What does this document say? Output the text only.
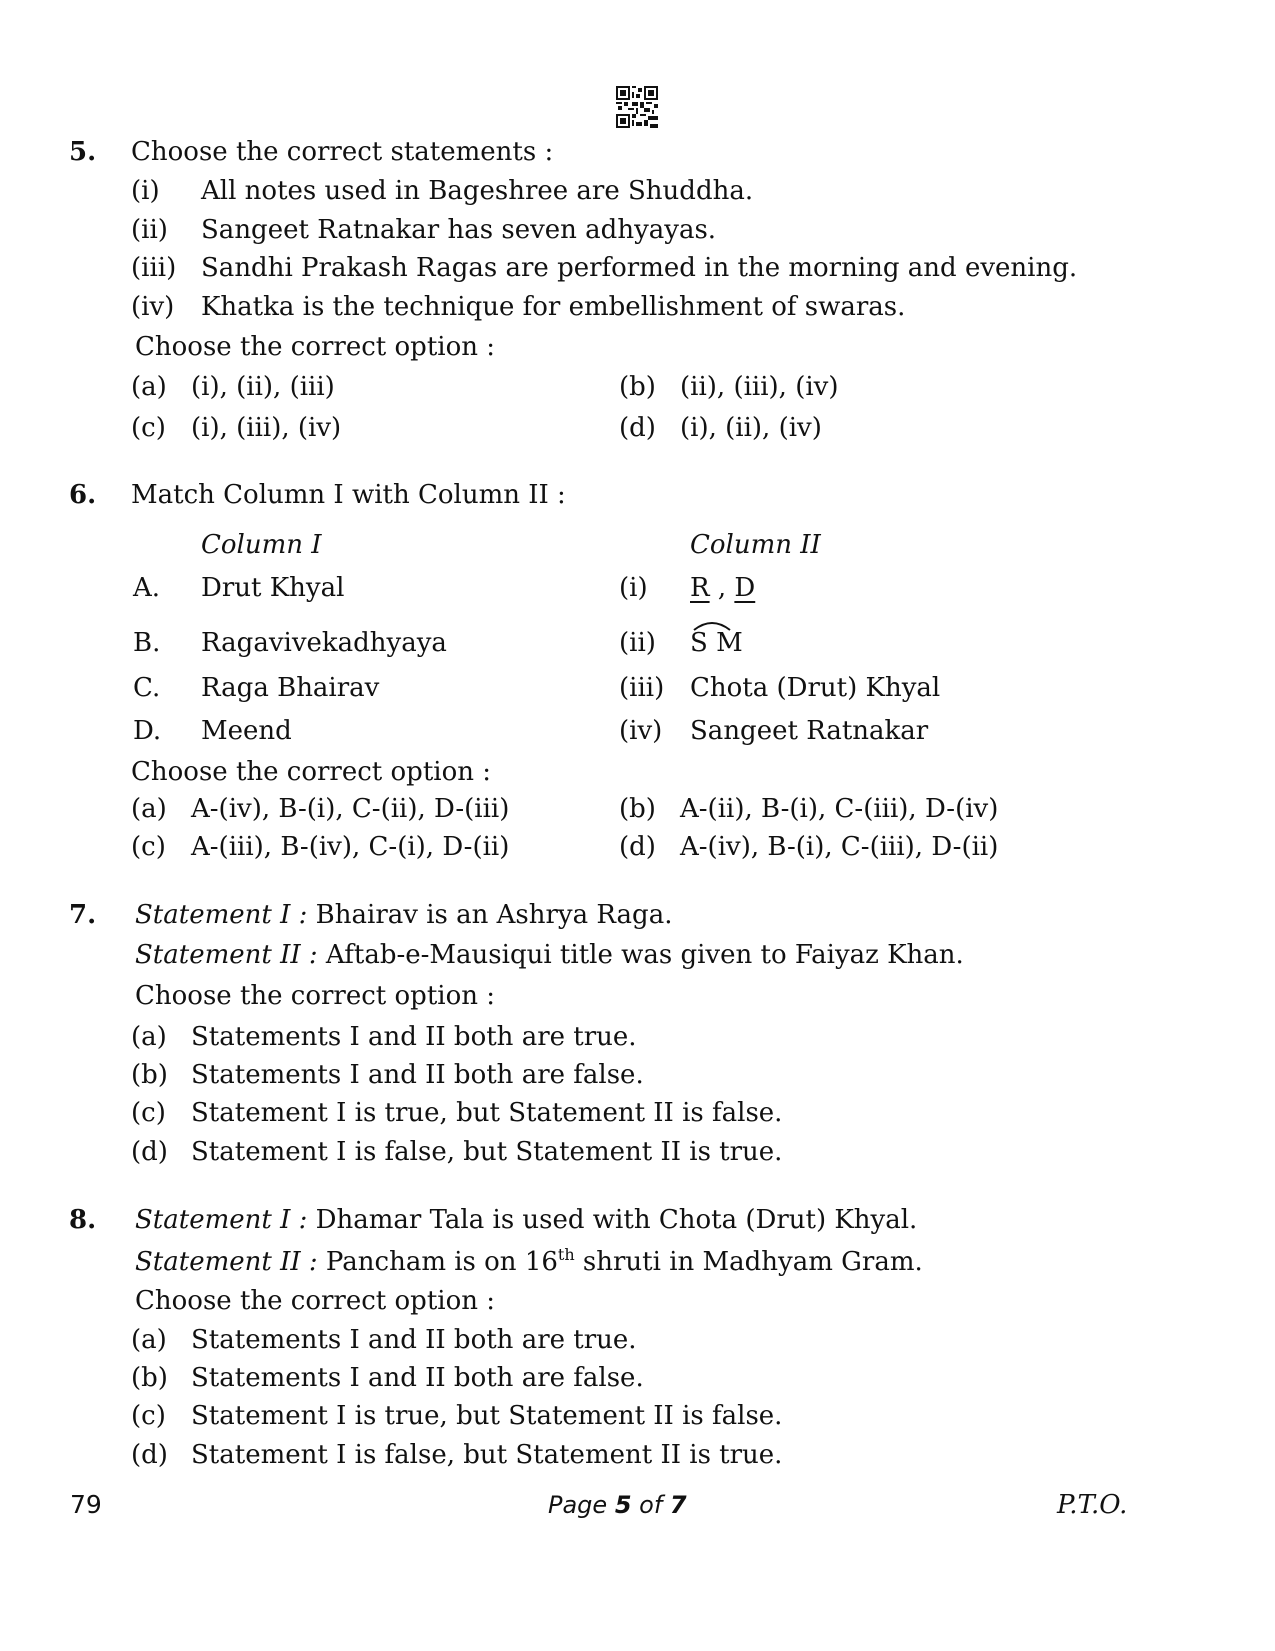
5. Choose the correct statements :
(i) All notes used in Bageshree are Shuddha.
(ii) Sangeet Ratnakar has seven adhyayas.
(iii) Sandhi Prakash Ragas are performed in the morning and evening.
(iv) Khatka is the technique for embellishment of swaras.
Choose the correct option :
(a) (i), (ii), (iii)	(b) (ii), (iii), (iv)
(c) (i), (iii), (iv)	(d) (i), (ii), (iv)
6. Match Column I with Column II :
Column I	Column II
A. Drut Khyal	(i) R , D
B. Ragavivekadhyaya	(ii) S M
C. Raga Bhairav	(iii) Chota (Drut) Khyal
D. Meend	(iv) Sangeet Ratnakar
Choose the correct option :
(a) A-(iv), B-(i), C-(ii), D-(iii)	(b) A-(ii), B-(i), C-(iii), D-(iv)
(c) A-(iii), B-(iv), C-(i), D-(ii)	(d) A-(iv), B-(i), C-(iii), D-(ii)
7. Statement I : Bhairav is an Ashrya Raga.
Statement II : Aftab-e-Mausiqui title was given to Faiyaz Khan.
Choose the correct option :
(a) Statements I and II both are true.
(b) Statements I and II both are false.
(c) Statement I is true, but Statement II is false.
(d) Statement I is false, but Statement II is true.
8. Statement I : Dhamar Tala is used with Chota (Drut) Khyal.
Statement II : Pancham is on 16th shruti in Madhyam Gram.
Choose the correct option :
(a) Statements I and II both are true.
(b) Statements I and II both are false.
(c) Statement I is true, but Statement II is false.
(d) Statement I is false, but Statement II is true.
79	Page 5 of 7	P.T.O.
